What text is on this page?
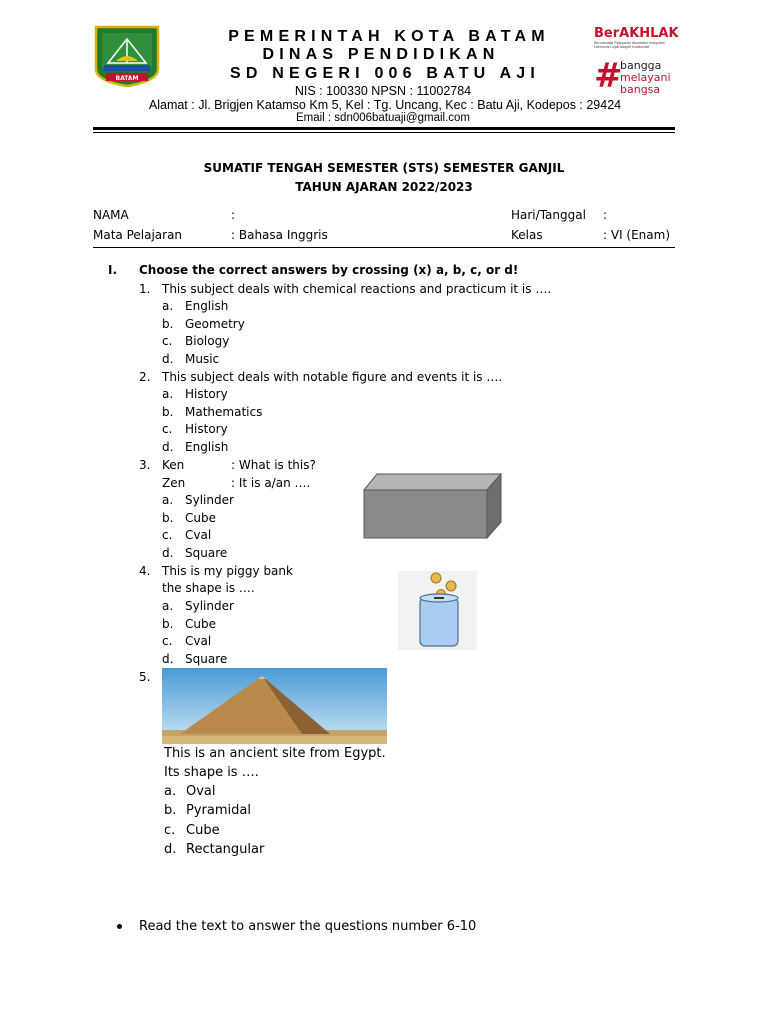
BATAM
PEMERINTAH KOTA BATAM
DINAS PENDIDIKAN
SD NEGERI 006 BATU AJI
NIS : 100330 NPSN : 11002784
Alamat : Jl. Brigjen Katamso Km 5, Kel : Tg. Uncang, Kec : Batu Aji, Kodepos : 29424
Email : sdn006batuaji@gmail.com
BerAKHLAK
Berorientasi Pelayanan Akuntabel Kompeten Harmonis Loyal Adaptif Kolaboratif
#
bangga
melayani
bangsa
SUMATIF TENGAH SEMESTER (STS) SEMESTER GANJIL
TAHUN AJARAN 2022/2023
NAMA	:	Hari/Tanggal :
Mata Pelajaran	: Bahasa Inggris	Kelas	: VI (Enam)
I. Choose the correct answers by crossing (x) a, b, c, or d!
1. This subject deals with chemical reactions and practicum it is ….
a. English
b. Geometry
c. Biology
d. Music
2. This subject deals with notable figure and events it is ….
a. History
b. Mathematics
c. History
d. English
3. Ken	: What is this?
Zen	: It is a/an ….
a. Sylinder
b. Cube
c. Cval
d. Square
4. This is my piggy bank
the shape is ….
a. Sylinder
b. Cube
c. Cval
d. Square
5.
This is an ancient site from Egypt.
Its shape is ….
a. Oval
b. Pyramidal
c. Cube
d. Rectangular
Read the text to answer the questions number 6-10
